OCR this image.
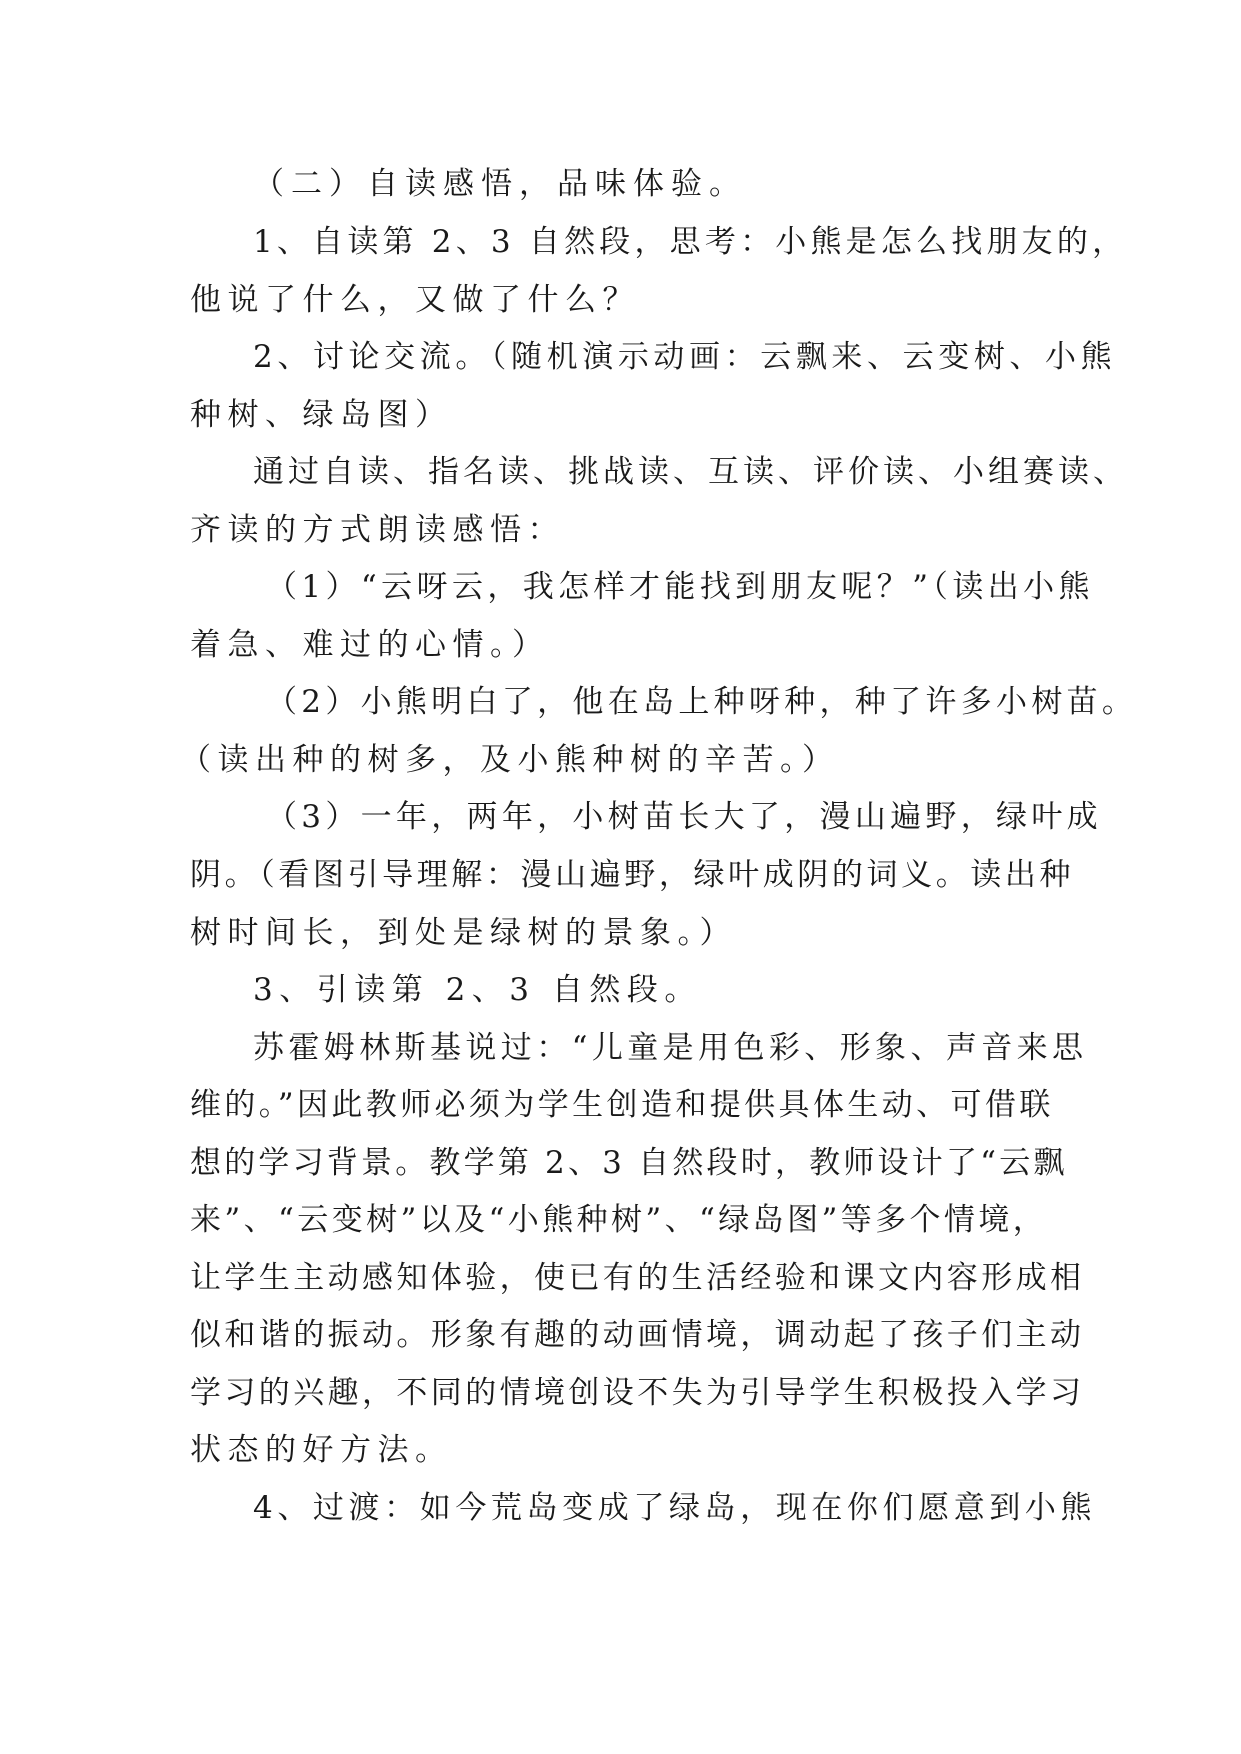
（二）自读感悟，品味体验。
1、自读第 2、3 自然段，思考：小熊是怎么找朋友的，
他说了什么，又做了什么？
2、讨论交流。（随机演示动画：云飘来、云变树、小熊
种树、绿岛图）
通过自读、指名读、挑战读、互读、评价读、小组赛读、
齐读的方式朗读感悟：
（1）“云呀云，我怎样才能找到朋友呢？”（读出小熊
着急、难过的心情。）
（2）小熊明白了，他在岛上种呀种，种了许多小树苗。
（读出种的树多，及小熊种树的辛苦。）
（3）一年，两年，小树苗长大了，漫山遍野，绿叶成
阴。（看图引导理解：漫山遍野，绿叶成阴的词义。读出种
树时间长，到处是绿树的景象。）
3、引读第 2、3 自然段。
苏霍姆林斯基说过：“儿童是用色彩、形象、声音来思
维的。”因此教师必须为学生创造和提供具体生动、可借联
想的学习背景。教学第 2、3 自然段时，教师设计了“云飘
来”、“云变树”以及“小熊种树”、“绿岛图”等多个情境，
让学生主动感知体验，使已有的生活经验和课文内容形成相
似和谐的振动。形象有趣的动画情境，调动起了孩子们主动
学习的兴趣，不同的情境创设不失为引导学生积极投入学习
状态的好方法。
4、过渡：如今荒岛变成了绿岛，现在你们愿意到小熊
